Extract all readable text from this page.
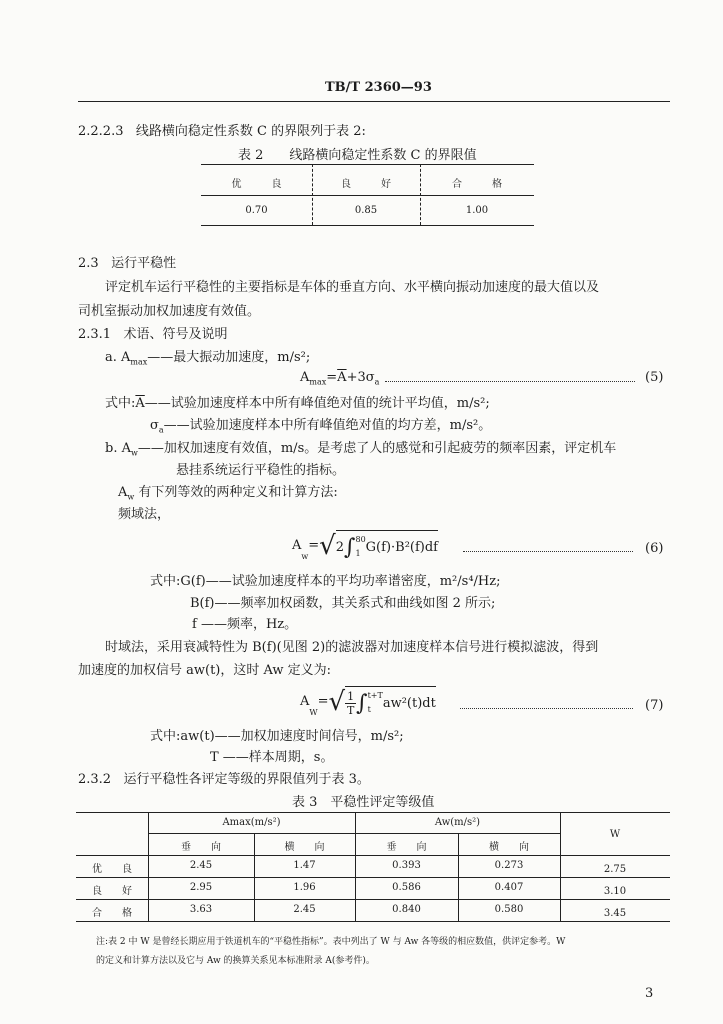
TB/T 2360—93
2.2.2.3 线路横向稳定性系数 C 的界限列于表 2:
表 2　　线路横向稳定性系数 C 的界限值
优　　　良	良　　　好	合　　　格
0.70	0.85	1.00
2.3 运行平稳性
评定机车运行平稳性的主要指标是车体的垂直方向、水平横向振动加速度的最大值以及
司机室振动加权加速度有效值。
2.3.1 术语、符号及说明
a. $A_{max}——$最大振动加速度，m/s²;
$A_{max}=\overline{A}+3\sigma_a$	(5)
式中$:\overline{A}——$试验加速度样本中所有峰值绝对值的统计平均值，m/s²;
$\sigma_a——$试验加速度样本中所有峰值绝对值的均方差，m/s²。
b. $A_w——$加权加速度有效值，m/s。是考虑了人的感觉和引起疲劳的频率因素，评定机车
悬挂系统运行平稳性的指标。
$A_w$ 有下列等效的两种定义和计算方法:
频域法，
A
$_w$
= √ 2 ∫ 80
1 G(f)·B²(f)df	(6)
式中:G(f)——试验加速度样本的平均功率谱密度，m²/s⁴/Hz;
B(f)——频率加权函数，其关系式和曲线如图 2 所示;
f ——频率，Hz。
时域法，采用衰减特性为 B(f)(见图 2)的滤波器对加速度样本信号进行模拟滤波，得到
加速度的加权信号 aw(t)，这时 Aw 定义为:
A
$_W$
= √ $\frac{1}{T}$ ∫ t+T
t aw²(t)dt	(7)
式中:aw(t)——加权加速度时间信号，m/s²;
T ——样本周期，s。
2.3.2 运行平稳性各评定等级的界限值列于表 3。
表 3　平稳性评定等级值
Amax(m/s²)	Aw(m/s²)
W
垂　　向	横　　向	垂　　向	横　　向
优　　良	2.45	1.47	0.393	0.273	2.75
良　　好	2.95	1.96	0.586	0.407	3.10
合　　格	3.63	2.45	0.840	0.580	3.45
注:表 2 中 W 是曾经长期应用于铁道机车的“平稳性指标”。表中列出了 W 与 Aw 各等级的相应数值，供评定参考。W
的定义和计算方法以及它与 Aw 的换算关系见本标准附录 A(参考件)。
3
